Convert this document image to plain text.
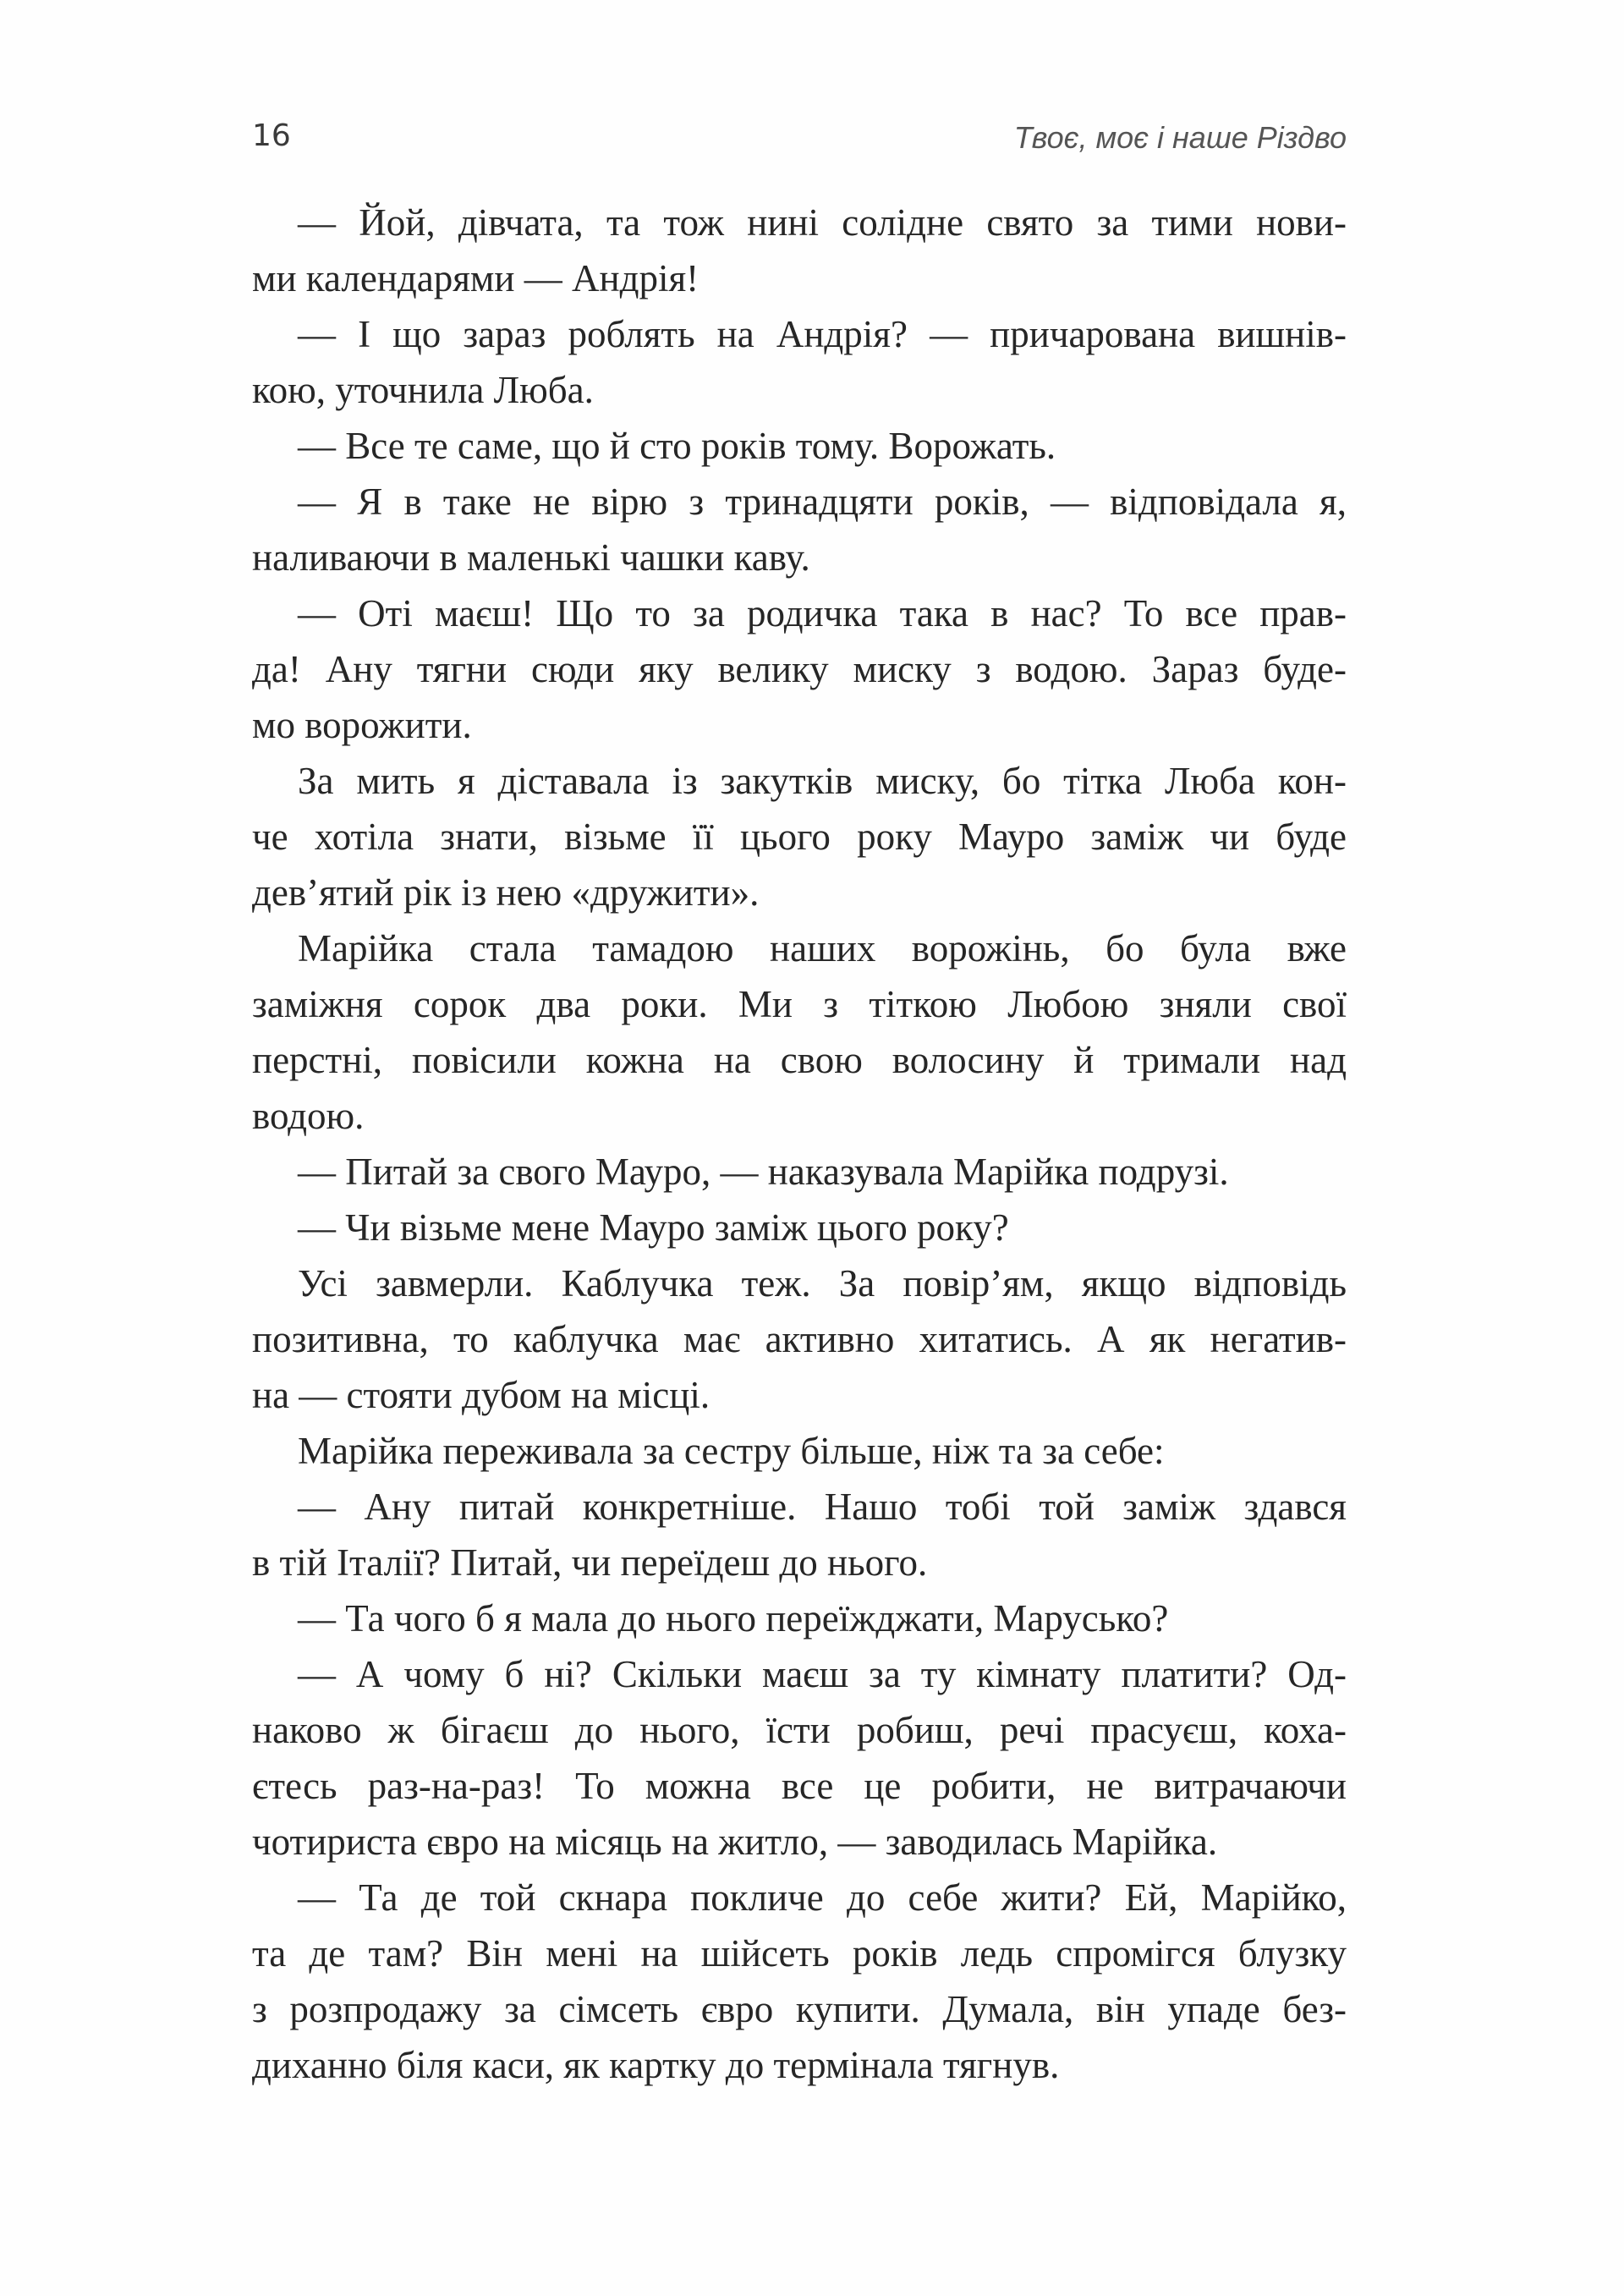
16	Твоє, моє і наше Різдво
— Йой, дівчата, та тож нині солідне свято за тими нови-
ми календарями — Андрія!
— І що зараз роблять на Андрія? — причарована вишнів-
кою, уточнила Люба.
— Все те саме, що й сто років тому. Ворожать.
— Я в таке не вірю з тринадцяти років, — відповідала я,
наливаючи в маленькі чашки каву.
— Оті маєш! Що то за родичка така в нас? То все прав-
да! Ану тягни сюди яку велику миску з водою. Зараз буде-
мо ворожити.
За мить я діставала із закутків миску, бо тітка Люба кон-
че хотіла знати, візьме її цього року Мауро заміж чи буде
дев’ятий рік із нею «дружити».
Марійка стала тамадою наших ворожінь, бо була вже
заміжня сорок два роки. Ми з тіткою Любою зняли свої
перстні, повісили кожна на свою волосину й тримали над
водою.
— Питай за свого Мауро, — наказувала Марійка подрузі.
— Чи візьме мене Мауро заміж цього року?
Усі завмерли. Каблучка теж. За повір’ям, якщо відповідь
позитивна, то каблучка має активно хитатись. А як негатив-
на — стояти дубом на місці.
Марійка переживала за сестру більше, ніж та за себе:
— Ану питай конкретніше. Нашо тобі той заміж здався
в тій Італії? Питай, чи переїдеш до нього.
— Та чого б я мала до нього переїжджати, Марусько?
— А чому б ні? Скільки маєш за ту кімнату платити? Од-
наково ж бігаєш до нього, їсти робиш, речі прасуєш, коха-
єтесь раз-на-раз! То можна все це робити, не витрачаючи
чотириста євро на місяць на житло, — заводилась Марійка.
— Та де той скнара покличе до себе жити? Ей, Марійко,
та де там? Він мені на шійсеть років ледь спромігся блузку
з розпродажу за сімсеть євро купити. Думала, він упаде без-
диханно біля каси, як картку до термінала тягнув.
